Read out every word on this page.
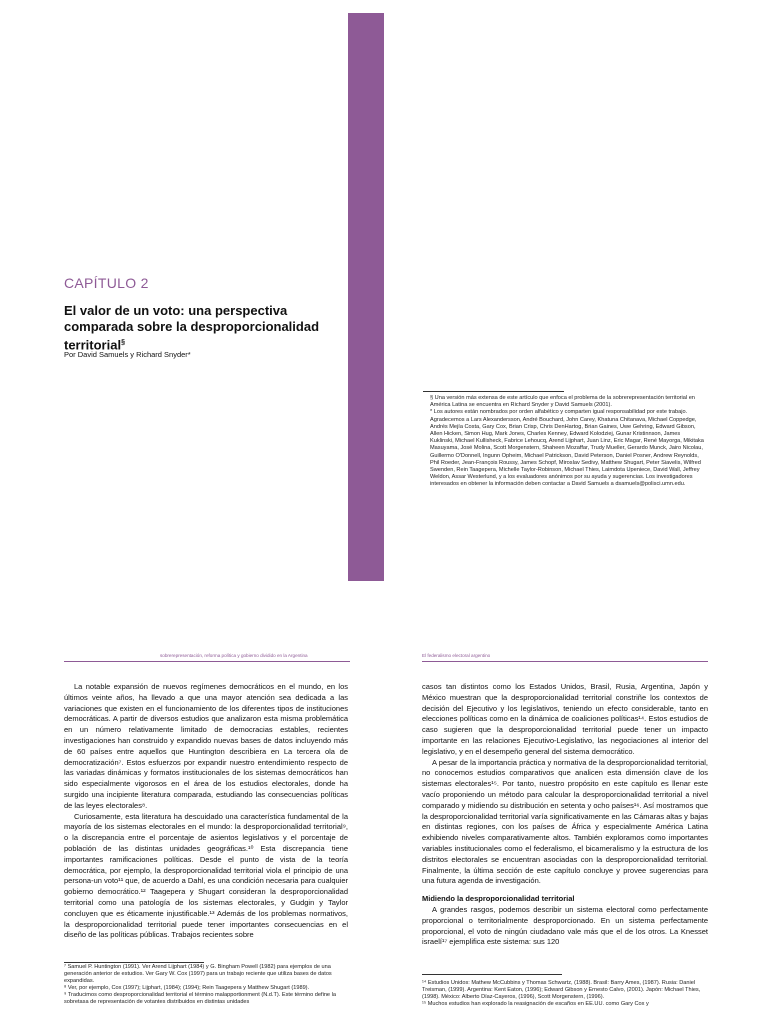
CAPÍTULO 2
El valor de un voto: una perspectiva comparada sobre la desproporcionalidad territorial§
Por David Samuels y Richard Snyder*

§ Una versión más extensa de este artículo que enfoca el problema de la sobrerepresentación territorial en América Latina se encuentra en Richard Snyder y David Samuels (2001).

* Los autores están nombrados por orden alfabético y comparten igual responsabilidad por este trabajo.

Agradecemos a Lars Alexandersson, André Bouchard, John Carey, Khatuna Chitanava, Michael Coppedge, Andrés Mejía Costa, Gary Cox, Brian Crisp, Chris DenHartog, Brian Gaines, Uwe Gehring, Edward Gibson, Allen Hicken, Simon Hug, Mark Jones, Charles Kenney, Edward Kolodziej, Gunar Kristinnson, James Kuklinski, Michael Kullisheck, Fabrice Lehoucq, Arend Lijphart, Juan Linz, Eric Magar, René Mayorga, Mikitaka Masuyama, José Molina, Scott Morgenstern, Shaheen Mozaffar, Trudy Mueller, Gerardo Munck, Jairo Nicolau, Guillermo O'Donnell, Ingunn Opheim, Michael Patrickson, David Peterson, Daniel Posner, Andrew Reynolds, Phil Roeder, Jean-François Roussy, James Schopf, Miroslav Sedivy, Matthew Shugart, Peter Siavelis, Wilfred Swenden, Rein Taagepera, Michelle Taylor-Robinson, Michael Thies, Laimdota Upeniece, David Wall, Jeffrey Weldon, Assar Westerlund, y a los evaluadores anónimos por su ayuda y sugerencias. Los investigadores interesados en obtener la información deben contactar a David Samuels a dsamuels@polisci.umn.edu.

sobrerepresentación, reforma política y gobierno dividido en la Argentina	El federalismo electoral argentino

La notable expansión de nuevos regímenes democráticos en el mundo, en los últimos veinte años, ha llevado a que una mayor atención sea dedicada a las variaciones que existen en el funcionamiento de los diferentes tipos de instituciones democráticas. A partir de diversos estudios que analizaron esta misma problemática en un número relativamente limitado de democracias estables, recientes investigaciones han construido y expandido nuevas bases de datos incluyendo más de 60 países entre aquellos que Huntington describiera en La tercera ola de democratización⁷. Estos esfuerzos por expandir nuestro entendimiento respecto de las variadas dinámicas y formatos institucionales de los sistemas democráticos han sido especialmente vigorosos en el área de los estudios electorales, donde ha surgido una incipiente literatura comparada, estudiando las consecuencias políticas de las leyes electorales⁸.

Curiosamente, esta literatura ha descuidado una característica fundamental de la mayoría de los sistemas electorales en el mundo: la desproporcionalidad territorial⁹, o la discrepancia entre el porcentaje de asientos legislativos y el porcentaje de población de las distintas unidades geográficas.¹⁰ Esta discrepancia tiene importantes ramificaciones políticas. Desde el punto de vista de la teoría democrática, por ejemplo, la desproporcionalidad territorial viola el principio de una persona-un voto¹¹ que, de acuerdo a Dahl, es una condición necesaria para cualquier gobierno democrático.¹² Taagepera y Shugart consideran la desproporcionalidad territorial como una patología de los sistemas electorales, y Gudgin y Taylor concluyen que es éticamente injustificable.¹³ Además de los problemas normativos, la desproporcionalidad territorial puede tener importantes consecuencias en el diseño de las políticas públicas. Trabajos recientes sobre

casos tan distintos como los Estados Unidos, Brasil, Rusia, Argentina, Japón y México muestran que la desproporcionalidad territorial constriñe los contextos de decisión del Ejecutivo y los legislativos, teniendo un efecto considerable, tanto en elecciones políticas como en la dinámica de coaliciones políticas¹⁴. Estos estudios de caso sugieren que la desproporcionalidad territorial puede tener un impacto importante en las relaciones Ejecutivo-Legislativo, las negociaciones al interior del legislativo, y en el desempeño general del sistema democrático.

A pesar de la importancia práctica y normativa de la desproporcionalidad territorial, no conocemos estudios comparativos que analicen esta dimensión clave de los sistemas electorales¹⁵. Por tanto, nuestro propósito en este capítulo es llenar este vacío proponiendo un método para calcular la desproporcionalidad territorial a nivel comparado y midiendo su distribución en setenta y ocho países¹⁶. Así mostramos que la desproporcionalidad territorial varía significativamente en las Cámaras altas y bajas en distintas regiones, con los países de África y especialmente América Latina exhibiendo niveles comparativamente altos. También exploramos como importantes variables institucionales como el federalismo, el bicameralismo y la estructura de los distritos electorales se encuentran asociadas con la desproporcionalidad territorial. Finalmente, la última sección de este capítulo concluye y provee sugerencias para una futura agenda de investigación.

Midiendo la desproporcionalidad territorial

A grandes rasgos, podemos describir un sistema electoral como perfectamente proporcional o territorialmente desproporcionado. En un sistema perfectamente proporcional, el voto de ningún ciudadano vale más que el de los otros. La Knesset israelí¹⁷ ejemplifica este sistema: sus 120

⁷ Samuel P. Huntington (1991). Ver Arend Lijphart (1984) y G. Bingham Powell (1982) para ejemplos de una generación anterior de estudios. Ver Gary W. Cox (1997) para un trabajo reciente que utiliza bases de datos expandidas.

⁸ Ver, por ejemplo, Cox (1997); Lijphart, (1984); (1994); Rein Taagepera y Matthew Shugart (1989).

⁹ Traducimos como desproporcionalidad territorial el término malapportionment (N.d.T). Este término define la sobretasa de representación de votantes distribuidos en distintas unidades

¹⁴ Estudios Unidos: Mathew McCubbins y Thomas Schwartz, (1988). Brasil: Barry Ames, (1987). Rusia: Daniel Treisman, (1999). Argentina: Kent Eaton, (1996); Edward Gibson y Ernesto Calvo, (2001). Japón: Michael Thies, (1998). México: Alberto Díaz-Cayeros, (1996), Scott Morgenstern, (1996).

¹⁵ Muchos estudios han explorado la reasignación de escaños en EE.UU. como Gary Cox y
